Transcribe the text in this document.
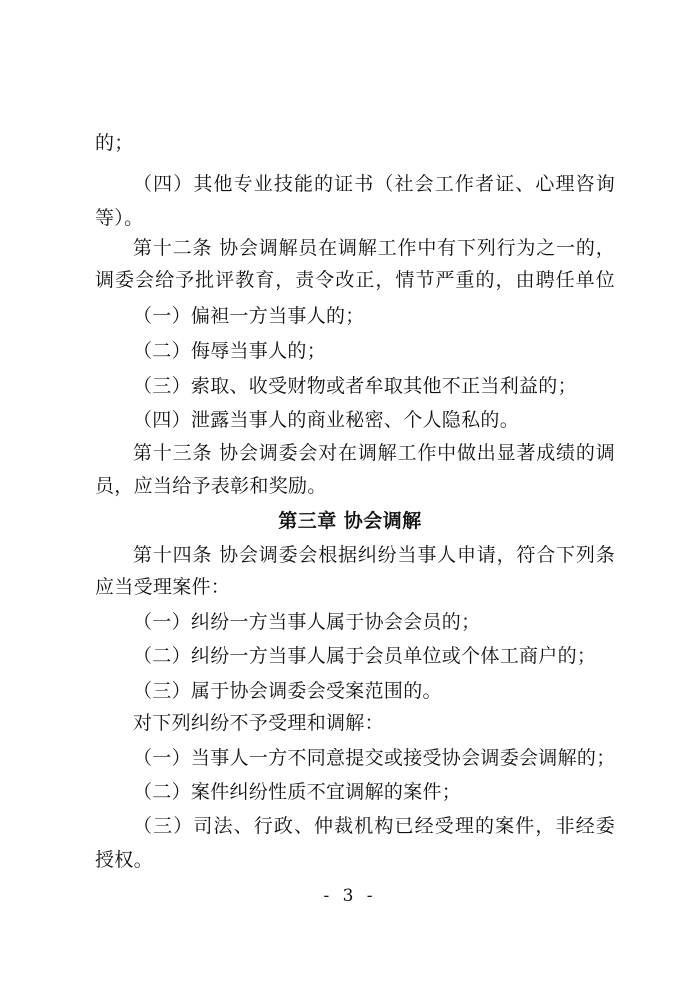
的；
（四）其他专业技能的证书（社会工作者证、心理咨询
等）。
第十二条 协会调解员在调解工作中有下列行为之一的，
调委会给予批评教育，责令改正，情节严重的，由聘任单位
（一）偏袒一方当事人的；
（二）侮辱当事人的；
（三）索取、收受财物或者牟取其他不正当利益的；
（四）泄露当事人的商业秘密、个人隐私的。
第十三条 协会调委会对在调解工作中做出显著成绩的调
员，应当给予表彰和奖励。
第三章 协会调解
第十四条 协会调委会根据纠纷当事人申请，符合下列条
应当受理案件：
（一）纠纷一方当事人属于协会会员的；
（二）纠纷一方当事人属于会员单位或个体工商户的；
（三）属于协会调委会受案范围的。
对下列纠纷不予受理和调解：
（一）当事人一方不同意提交或接受协会调委会调解的；
（二）案件纠纷性质不宜调解的案件；
（三）司法、行政、仲裁机构已经受理的案件，非经委
授权。
- 3 -
